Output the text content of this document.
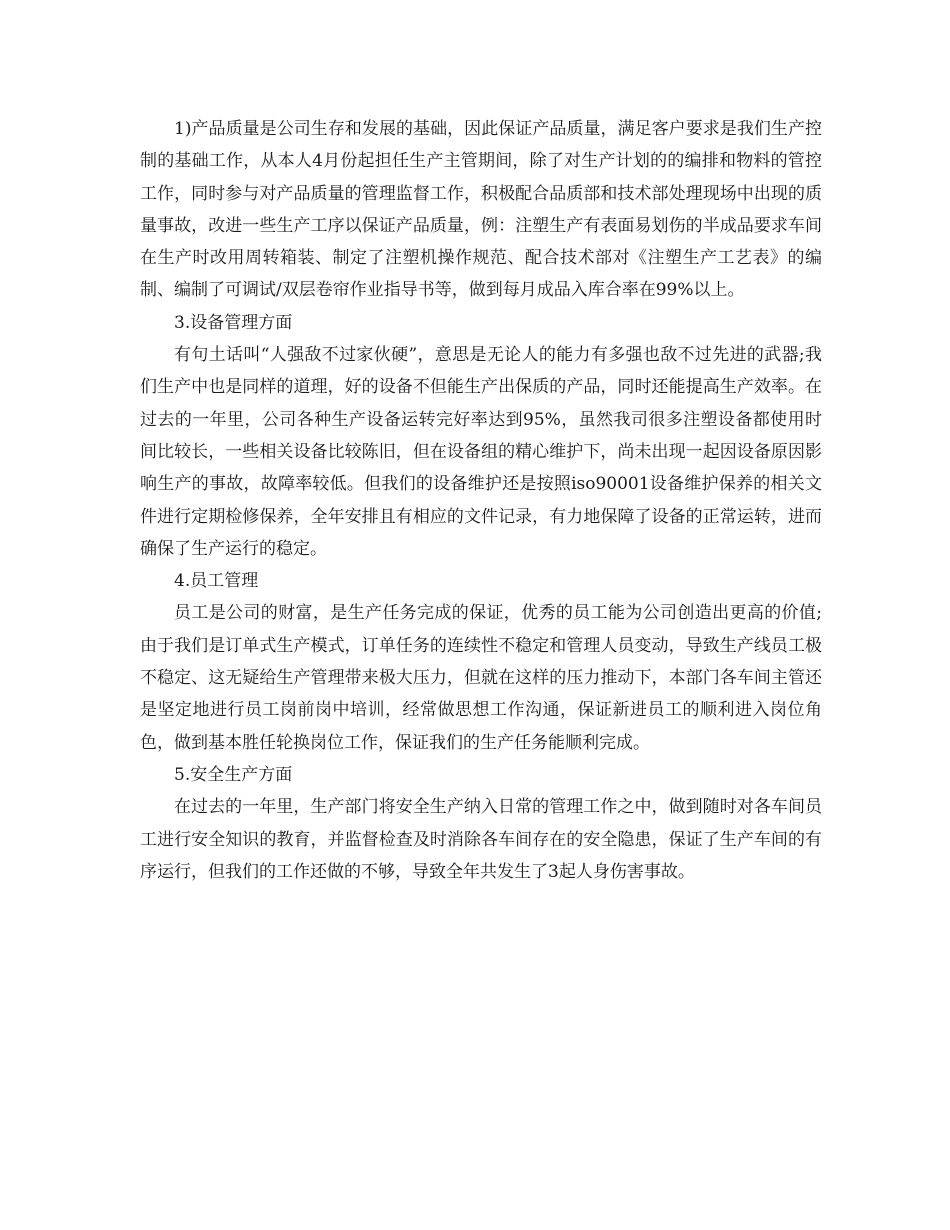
1)产品质量是公司生存和发展的基础，因此保证产品质量，满足客户要求是我们生产控制的基础工作，从本人4月份起担任生产主管期间，除了对生产计划的的编排和物料的管控工作，同时参与对产品质量的管理监督工作，积极配合品质部和技术部处理现场中出现的质量事故，改进一些生产工序以保证产品质量，例：注塑生产有表面易划伤的半成品要求车间在生产时改用周转箱装、制定了注塑机操作规范、配合技术部对《注塑生产工艺表》的编制、编制了可调试/双层卷帘作业指导书等，做到每月成品入库合率在99%以上。

3.设备管理方面

有句土话叫“人强敌不过家伙硬”，意思是无论人的能力有多强也敌不过先进的武器;我们生产中也是同样的道理，好的设备不但能生产出保质的产品，同时还能提高生产效率。在过去的一年里，公司各种生产设备运转完好率达到95%，虽然我司很多注塑设备都使用时间比较长，一些相关设备比较陈旧，但在设备组的精心维护下，尚未出现一起因设备原因影响生产的事故，故障率较低。但我们的设备维护还是按照iso90001设备维护保养的相关文件进行定期检修保养，全年安排且有相应的文件记录，有力地保障了设备的正常运转，进而确保了生产运行的稳定。

4.员工管理

员工是公司的财富，是生产任务完成的保证，优秀的员工能为公司创造出更高的价值;由于我们是订单式生产模式，订单任务的连续性不稳定和管理人员变动，导致生产线员工极不稳定、这无疑给生产管理带来极大压力，但就在这样的压力推动下，本部门各车间主管还是坚定地进行员工岗前岗中培训，经常做思想工作沟通，保证新进员工的顺利进入岗位角色，做到基本胜任轮换岗位工作，保证我们的生产任务能顺利完成。

5.安全生产方面

在过去的一年里，生产部门将安全生产纳入日常的管理工作之中，做到随时对各车间员工进行安全知识的教育，并监督检查及时消除各车间存在的安全隐患，保证了生产车间的有序运行，但我们的工作还做的不够，导致全年共发生了3起人身伤害事故。
